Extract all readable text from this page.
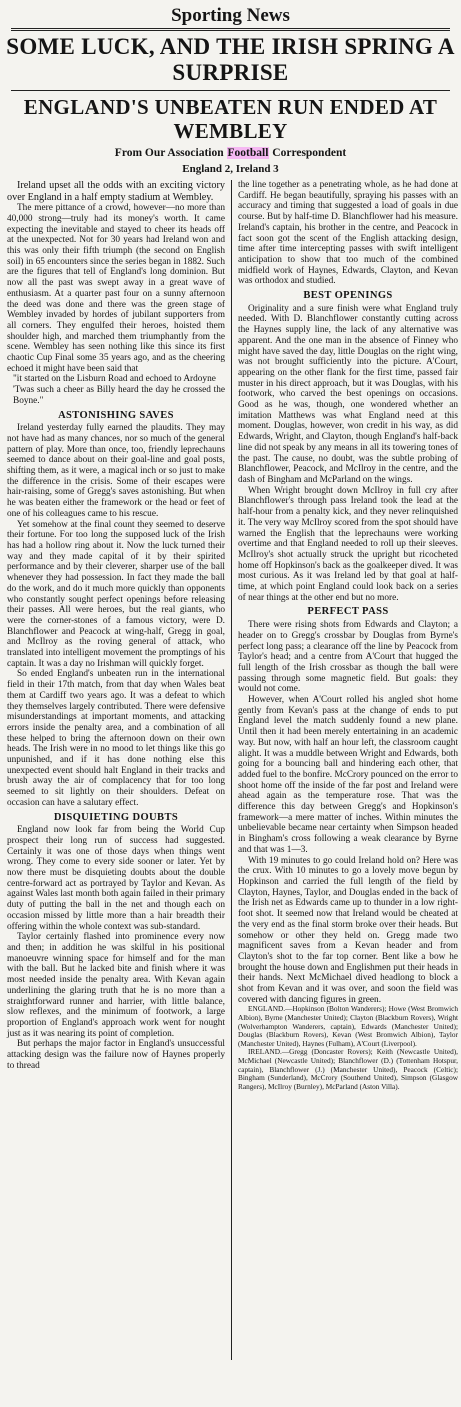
Sporting News
SOME LUCK, AND THE IRISH SPRING A SURPRISE
ENGLAND'S UNBEATEN RUN ENDED AT WEMBLEY
From Our Association Football Correspondent
England 2, Ireland 3

Ireland upset all the odds with an exciting victory over England in a half empty stadium at Wembley.

The mere pittance of a crowd, however—no more than 40,000 strong—truly had its money's worth. It came expecting the inevitable and stayed to cheer its heads off at the unexpected. Not for 30 years had Ireland won and this was only their fifth triumph (the second on English soil) in 65 encounters since the series began in 1882. Such are the figures that tell of England's long dominion. But now all the past was swept away in a great wave of enthusiasm. At a quarter past four on a sunny afternoon the deed was done and there was the green stage of Wembley invaded by hordes of jubilant supporters from all corners. They engulfed their heroes, hoisted them shoulder high, and marched them triumphantly from the scene. Wembley has seen nothing like this since its first chaotic Cup Final some 35 years ago, and as the cheering echoed it might have been said that

"it started on the Lisburn Road and echoed to Ardoyne

'Twas such a cheer as Billy heard the day he crossed the Boyne."

ASTONISHING SAVES

Ireland yesterday fully earned the plaudits. They may not have had as many chances, nor so much of the general pattern of play. More than once, too, friendly leprechauns seemed to dance about on their goal-line and goal posts, shifting them, as it were, a magical inch or so just to make the difference in the crisis. Some of their escapes were hair-raising, some of Gregg's saves astonishing. But when he was beaten either the framework or the head or feet of one of his colleagues came to his rescue.

Yet somehow at the final count they seemed to deserve their fortune. For too long the supposed luck of the Irish has had a hollow ring about it. Now the luck turned their way and they made capital of it by their spirited performance and by their cleverer, sharper use of the ball whenever they had possession. In fact they made the ball do the work, and do it much more quickly than opponents who constantly sought perfect openings before releasing their passes. All were heroes, but the real giants, who were the corner-stones of a famous victory, were D. Blanchflower and Peacock at wing-half, Gregg in goal, and McIlroy as the roving general of attack, who translated into intelligent movement the promptings of his captain. It was a day no Irishman will quickly forget.

So ended England's unbeaten run in the international field in their 17th match, from that day when Wales beat them at Cardiff two years ago. It was a defeat to which they themselves largely contributed. There were defensive misunderstandings at important moments, and attacking errors inside the penalty area, and a combination of all these helped to bring the afternoon down on their own heads. The Irish were in no mood to let things like this go unpunished, and if it has done nothing else this unexpected event should halt England in their tracks and brush away the air of complacency that for too long seemed to sit lightly on their shoulders. Defeat on occasion can have a salutary effect.

DISQUIETING DOUBTS

England now look far from being the World Cup prospect their long run of success had suggested. Certainly it was one of those days when things went wrong. They come to every side sooner or later. Yet by now there must be disquieting doubts about the double centre-forward act as portrayed by Taylor and Kevan. As against Wales last month both again failed in their primary duty of putting the ball in the net and though each on occasion missed by little more than a hair breadth their offering within the whole context was sub-standard.

Taylor certainly flashed into prominence every now and then; in addition he was skilful in his positional manoeuvre winning space for himself and for the man with the ball. But he lacked bite and finish where it was most needed inside the penalty area. With Kevan again underlining the glaring truth that he is no more than a straightforward runner and harrier, with little balance, slow reflexes, and the minimum of footwork, a large proportion of England's approach work went for nought just as it was nearing its point of completion.

But perhaps the major factor in England's unsuccessful attacking design was the failure now of Haynes properly to thread

the line together as a penetrating whole, as he had done at Cardiff. He began beautifully, spraying his passes with an accuracy and timing that suggested a load of goals in due course. But by half-time D. Blanchflower had his measure. Ireland's captain, his brother in the centre, and Peacock in fact soon got the scent of the English attacking design, time after time intercepting passes with swift intelligent anticipation to show that too much of the combined midfield work of Haynes, Edwards, Clayton, and Kevan was orthodox and studied.

BEST OPENINGS

Originality and a sure finish were what England truly needed. With D. Blanchflower constantly cutting across the Haynes supply line, the lack of any alternative was apparent. And the one man in the absence of Finney who might have saved the day, little Douglas on the right wing, was not brought sufficiently into the picture. A'Court, appearing on the other flank for the first time, passed fair muster in his direct approach, but it was Douglas, with his footwork, who carved the best openings on occasions. Good as he was, though, one wondered whether an imitation Matthews was what England need at this moment. Douglas, however, won credit in his way, as did Edwards, Wright, and Clayton, though England's half-back line did not speak by any means in all its towering tones of the past. The cause, no doubt, was the subtle probing of Blanchflower, Peacock, and McIlroy in the centre, and the dash of Bingham and McParland on the wings.

When Wright brought down McIlroy in full cry after Blanchflower's through pass Ireland took the lead at the half-hour from a penalty kick, and they never relinquished it. The very way McIlroy scored from the spot should have warned the English that the leprechauns were working overtime and that England needed to roll up their sleeves. McIlroy's shot actually struck the upright but ricocheted home off Hopkinson's back as the goalkeeper dived. It was most curious. As it was Ireland led by that goal at half-time, at which point England could look back on a series of near things at the other end but no more.

PERFECT PASS

There were rising shots from Edwards and Clayton; a header on to Gregg's crossbar by Douglas from Byrne's perfect long pass; a clearance off the line by Peacock from Taylor's head; and a centre from A'Court that hugged the full length of the Irish crossbar as though the ball were passing through some magnetic field. But goals: they would not come.

However, when A'Court rolled his angled shot home gently from Kevan's pass at the change of ends to put England level the match suddenly found a new plane. Until then it had been merely entertaining in an academic way. But now, with half an hour left, the classroom caught alight. It was a muddle between Wright and Edwards, both going for a bouncing ball and hindering each other, that added fuel to the bonfire. McCrory pounced on the error to shoot home off the inside of the far post and Ireland were ahead again as the temperature rose. That was the difference this day between Gregg's and Hopkinson's framework—a mere matter of inches. Within minutes the unbelievable became near certainty when Simpson headed in Bingham's cross following a weak clearance by Byrne and that was 1—3.

With 19 minutes to go could Ireland hold on? Here was the crux. With 10 minutes to go a lovely move begun by Hopkinson and carried the full length of the field by Clayton, Haynes, Taylor, and Douglas ended in the back of the Irish net as Edwards came up to thunder in a low right-foot shot. It seemed now that Ireland would be cheated at the very end as the final storm broke over their heads. But somehow or other they held on. Gregg made two magnificent saves from a Kevan header and from Clayton's shot to the far top corner. Bent like a bow he brought the house down and Englishmen put their heads in their hands. Next McMichael dived headlong to block a shot from Kevan and it was over, and soon the field was covered with dancing figures in green.

ENGLAND.—Hopkinson (Bolton Wanderers); Howe (West Bromwich Albion), Byrne (Manchester United); Clayton (Blackburn Rovers), Wright (Wolverhampton Wanderers, captain), Edwards (Manchester United); Douglas (Blackburn Rovers), Kevan (West Bromwich Albion), Taylor (Manchester United), Haynes (Fulham), A'Court (Liverpool).

IRELAND.—Gregg (Doncaster Rovers); Keith (Newcastle United), McMichael (Newcastle United); Blanchflower (D.) (Tottenham Hotspur, captain), Blanchflower (J.) (Manchester United), Peacock (Celtic); Bingham (Sunderland), McCrory (Southend United), Simpson (Glasgow Rangers), McIlroy (Burnley), McParland (Aston Villa).
